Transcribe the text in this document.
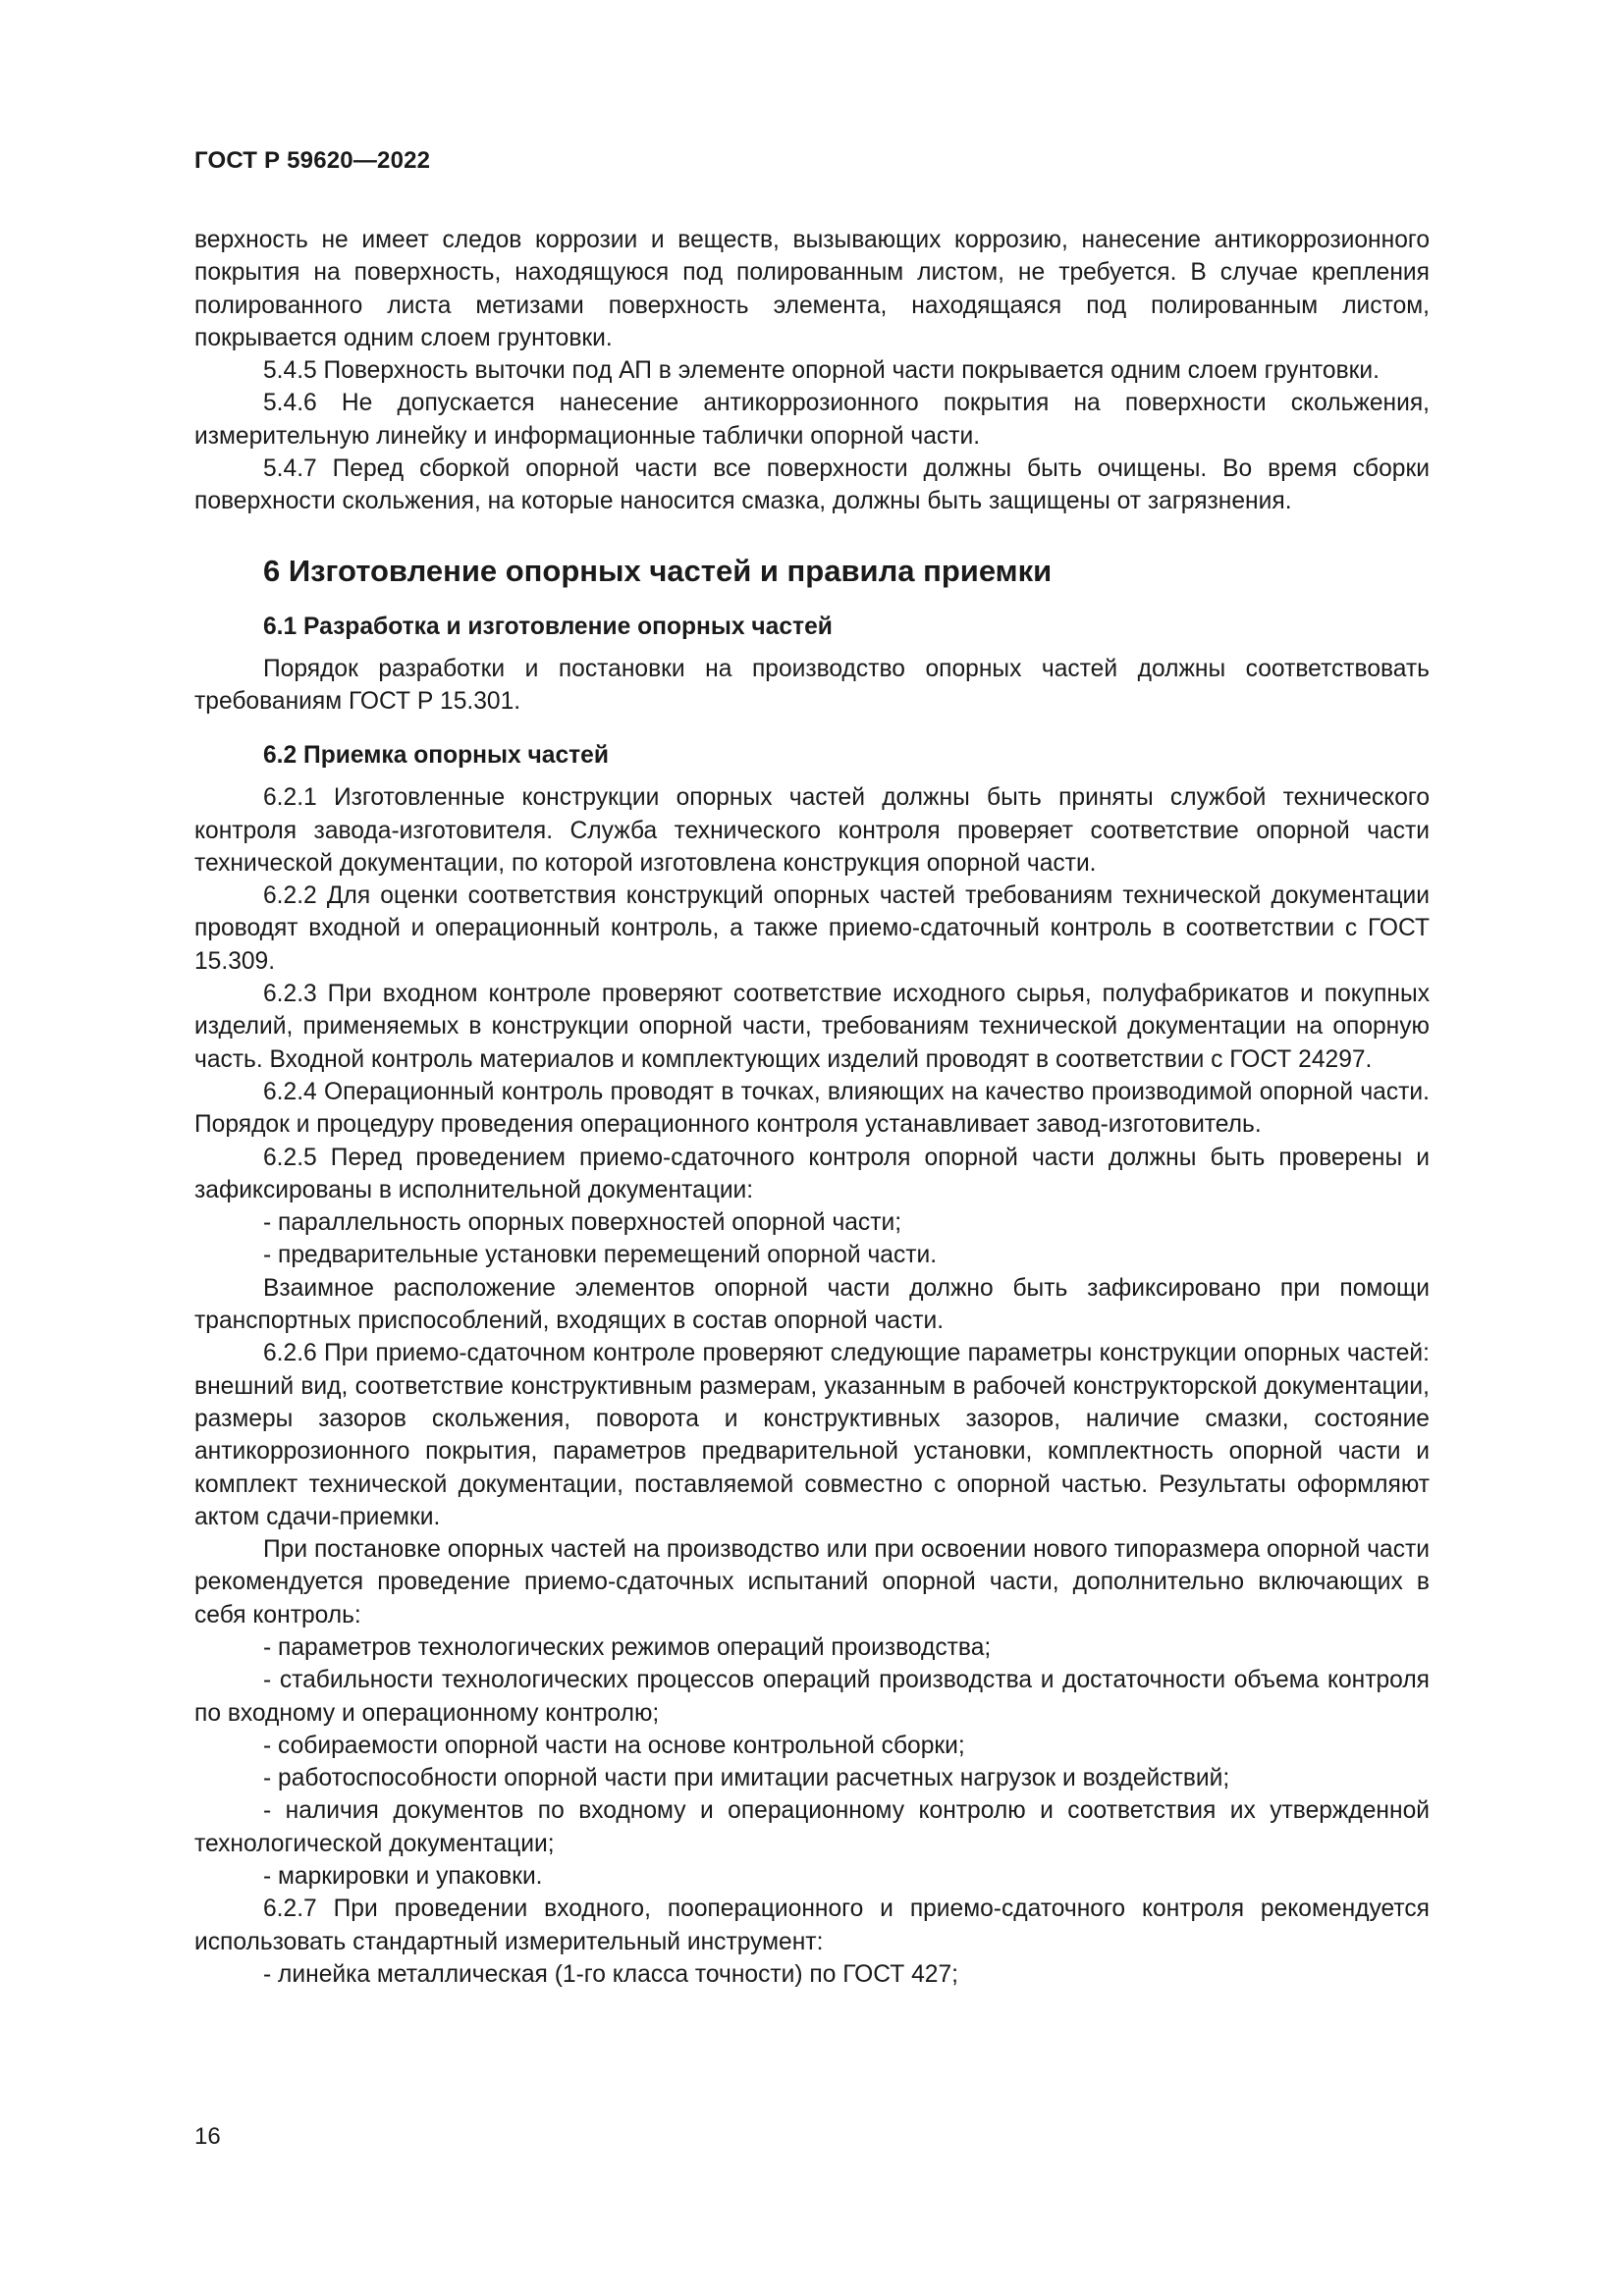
ГОСТ Р 59620—2022

верхность не имеет следов коррозии и веществ, вызывающих коррозию, нанесение антикоррозионного покрытия на поверхность, находящуюся под полированным листом, не требуется. В случае крепления полированного листа метизами поверхность элемента, находящаяся под полированным листом, покрывается одним слоем грунтовки.

5.4.5 Поверхность выточки под АП в элементе опорной части покрывается одним слоем грунтовки.

5.4.6 Не допускается нанесение антикоррозионного покрытия на поверхности скольжения, измерительную линейку и информационные таблички опорной части.

5.4.7 Перед сборкой опорной части все поверхности должны быть очищены. Во время сборки поверхности скольжения, на которые наносится смазка, должны быть защищены от загрязнения.

6 Изготовление опорных частей и правила приемки
6.1 Разработка и изготовление опорных частей

Порядок разработки и постановки на производство опорных частей должны соответствовать требованиям ГОСТ Р 15.301.

6.2 Приемка опорных частей

6.2.1 Изготовленные конструкции опорных частей должны быть приняты службой технического контроля завода-изготовителя. Служба технического контроля проверяет соответствие опорной части технической документации, по которой изготовлена конструкция опорной части.

6.2.2 Для оценки соответствия конструкций опорных частей требованиям технической документации проводят входной и операционный контроль, а также приемо-сдаточный контроль в соответствии с ГОСТ 15.309.

6.2.3 При входном контроле проверяют соответствие исходного сырья, полуфабрикатов и покупных изделий, применяемых в конструкции опорной части, требованиям технической документации на опорную часть. Входной контроль материалов и комплектующих изделий проводят в соответствии с ГОСТ 24297.

6.2.4 Операционный контроль проводят в точках, влияющих на качество производимой опорной части. Порядок и процедуру проведения операционного контроля устанавливает завод-изготовитель.

6.2.5 Перед проведением приемо-сдаточного контроля опорной части должны быть проверены и зафиксированы в исполнительной документации:

- параллельность опорных поверхностей опорной части;

- предварительные установки перемещений опорной части.

Взаимное расположение элементов опорной части должно быть зафиксировано при помощи транспортных приспособлений, входящих в состав опорной части.

6.2.6 При приемо-сдаточном контроле проверяют следующие параметры конструкции опорных частей: внешний вид, соответствие конструктивным размерам, указанным в рабочей конструкторской документации, размеры зазоров скольжения, поворота и конструктивных зазоров, наличие смазки, состояние антикоррозионного покрытия, параметров предварительной установки, комплектность опорной части и комплект технической документации, поставляемой совместно с опорной частью. Результаты оформляют актом сдачи-приемки.

При постановке опорных частей на производство или при освоении нового типоразмера опорной части рекомендуется проведение приемо-сдаточных испытаний опорной части, дополнительно включающих в себя контроль:

- параметров технологических режимов операций производства;

- стабильности технологических процессов операций производства и достаточности объема контроля по входному и операционному контролю;

- собираемости опорной части на основе контрольной сборки;

- работоспособности опорной части при имитации расчетных нагрузок и воздействий;

- наличия документов по входному и операционному контролю и соответствия их утвержденной технологической документации;

- маркировки и упаковки.

6.2.7 При проведении входного, пооперационного и приемо-сдаточного контроля рекомендуется использовать стандартный измерительный инструмент:

- линейка металлическая (1-го класса точности) по ГОСТ 427;

16
